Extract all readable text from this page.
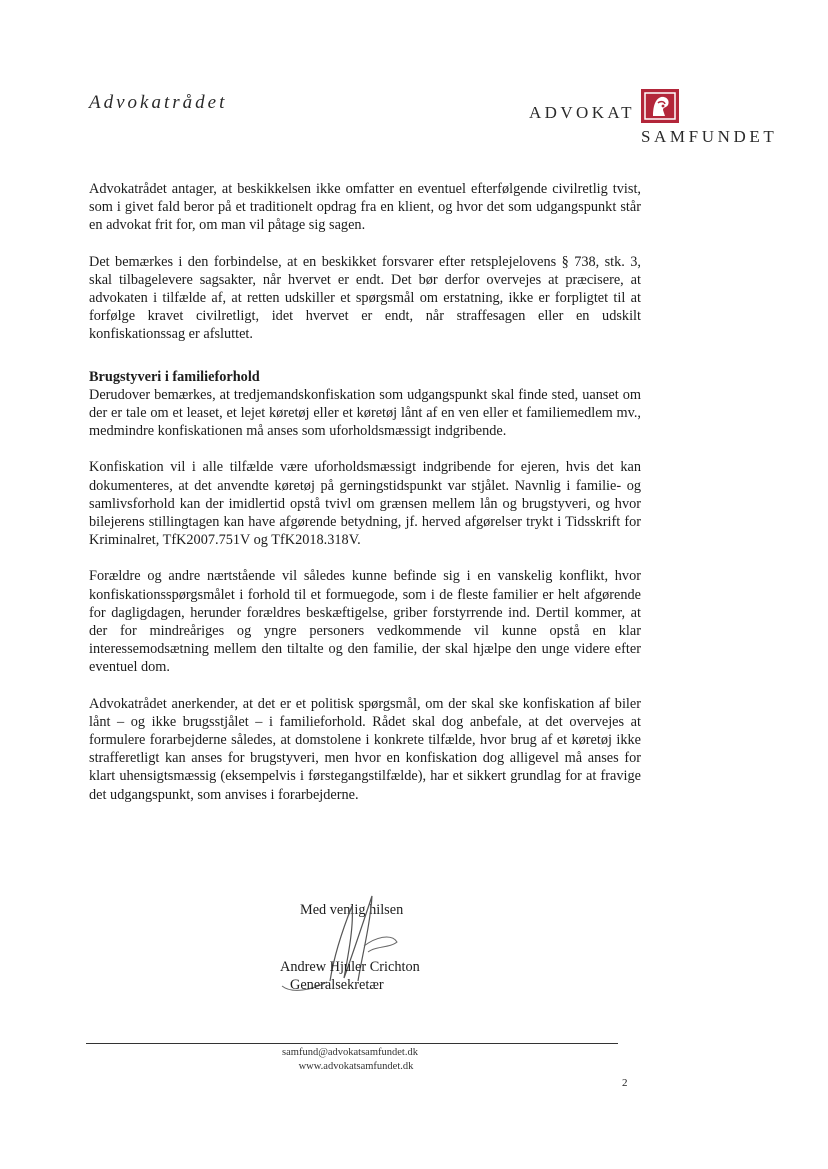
Advokatrådet	ADVOKAT
SAMFUNDET

Advokatrådet antager, at beskikkelsen ikke omfatter en eventuel efterfølgende civilretlig tvist, som i givet fald beror på et traditionelt opdrag fra en klient, og hvor det som udgangspunkt står en advokat frit for, om man vil påtage sig sagen.

Det bemærkes i den forbindelse, at en beskikket forsvarer efter retsplejelovens § 738, stk. 3, skal tilbagelevere sagsakter, når hvervet er endt. Det bør derfor overvejes at præcisere, at advokaten i tilfælde af, at retten udskiller et spørgsmål om erstatning, ikke er forpligtet til at forfølge kravet civilretligt, idet hvervet er endt, når straffesagen eller en udskilt konfiskationssag er afsluttet.

Brugstyveri i familieforhold

Derudover bemærkes, at tredjemandskonfiskation som udgangspunkt skal finde sted, uanset om der er tale om et leaset, et lejet køretøj eller et køretøj lånt af en ven eller et familiemedlem mv., medmindre konfiskationen må anses som uforholdsmæssigt indgribende.

Konfiskation vil i alle tilfælde være uforholdsmæssigt indgribende for ejeren, hvis det kan dokumenteres, at det anvendte køretøj på gerningstidspunkt var stjålet. Navnlig i familie- og samlivsforhold kan der imidlertid opstå tvivl om grænsen mellem lån og brugstyveri, og hvor bilejerens stillingtagen kan have afgørende betydning, jf. herved afgørelser trykt i Tidsskrift for Kriminalret, TfK2007.751V og TfK2018.318V.

Forældre og andre nærtstående vil således kunne befinde sig i en vanskelig konflikt, hvor konfiskationsspørgsmålet i forhold til et formuegode, som i de fleste familier er helt afgørende for dagligdagen, herunder forældres beskæftigelse, griber forstyrrende ind. Dertil kommer, at der for mindreåriges og yngre personers vedkommende vil kunne opstå en klar interessemodsætning mellem den tiltalte og den familie, der skal hjælpe den unge videre efter eventuel dom.

Advokatrådet anerkender, at det er et politisk spørgsmål, om der skal ske konfiskation af biler lånt – og ikke brugsstjålet – i familieforhold. Rådet skal dog anbefale, at det overvejes at formulere forarbejderne således, at domstolene i konkrete tilfælde, hvor brug af et køretøj ikke strafferetligt kan anses for brugstyveri, men hvor en konfiskation dog alligevel må anses for klart uhensigtsmæssig (eksempelvis i førstegangstilfælde), har et sikkert grundlag for at fravige det udgangspunkt, som anvises i forarbejderne.

Med venlig hilsen
Andrew Hjuler Crichton
Generalsekretær
samfund@advokatsamfundet.dk
www.advokatsamfundet.dk
2
